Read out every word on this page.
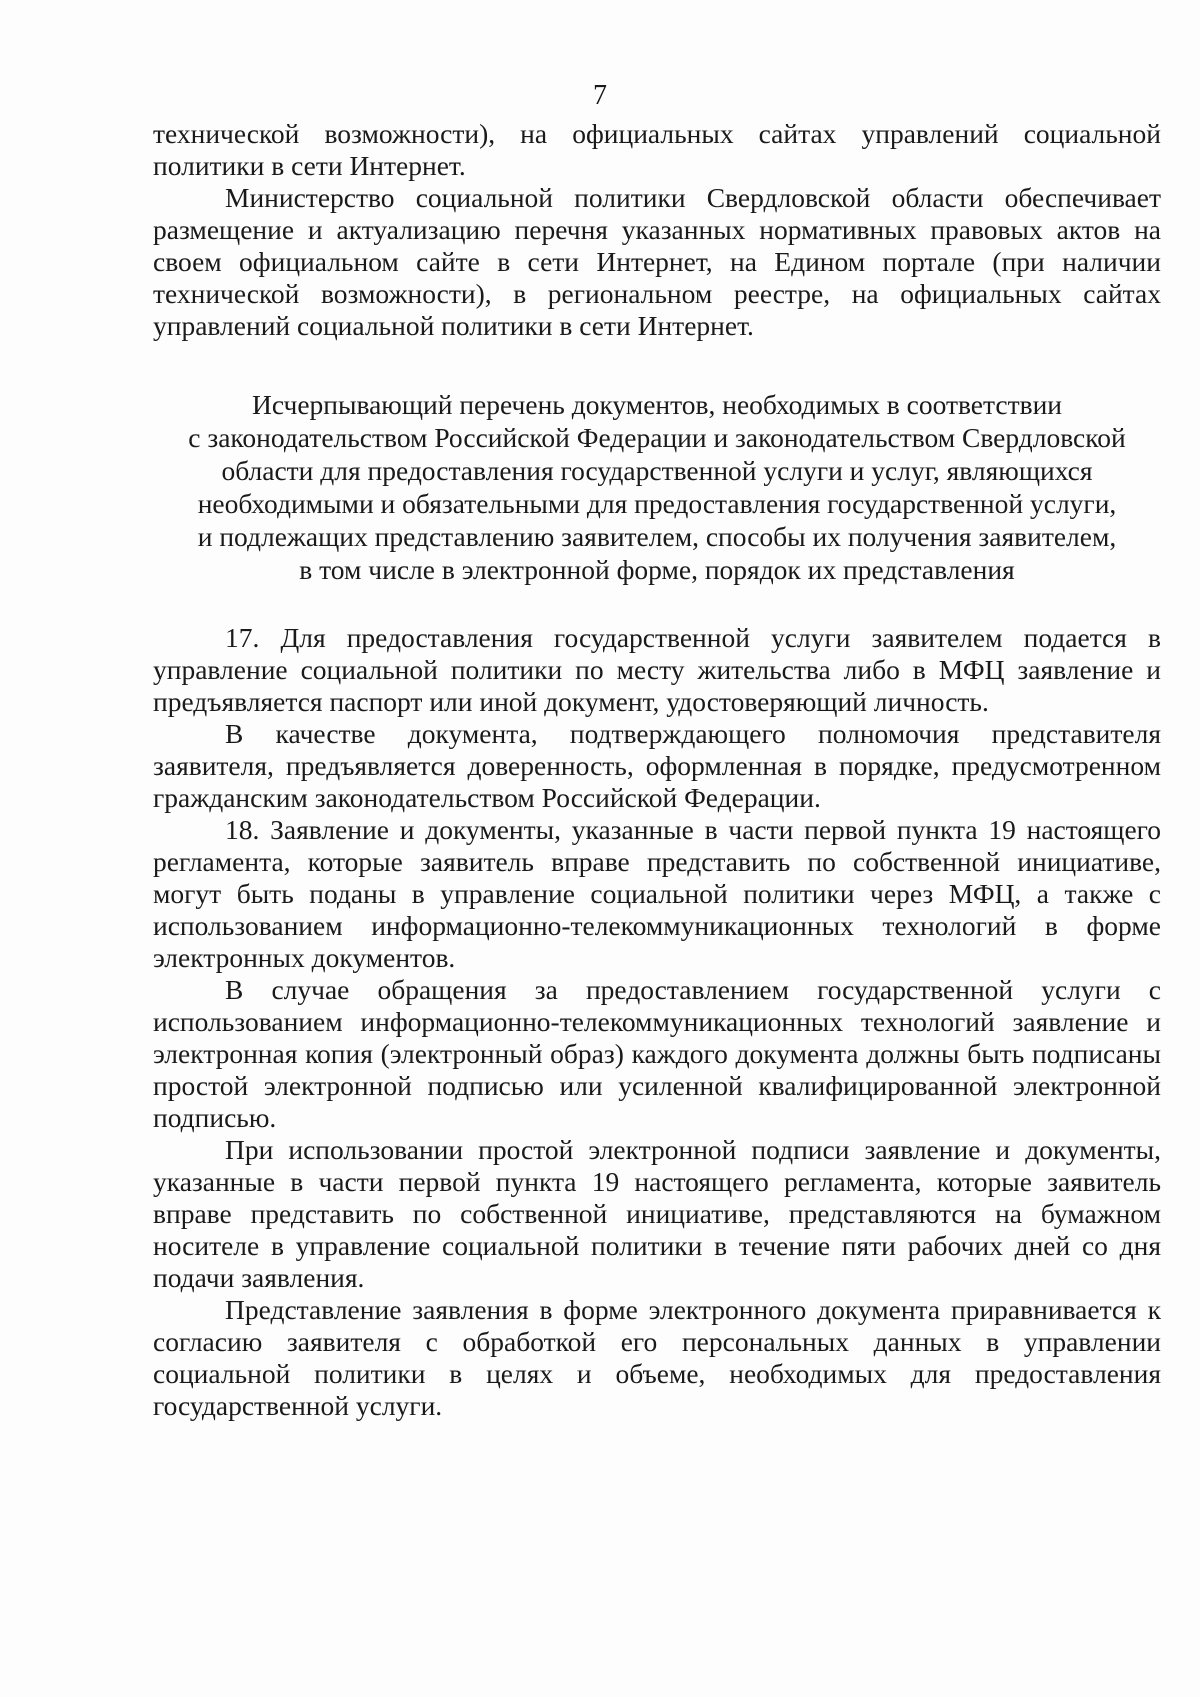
7

технической возможности), на официальных сайтах управлений социальной политики в сети Интернет.

Министерство социальной политики Свердловской области обеспечивает размещение и актуализацию перечня указанных нормативных правовых актов на своем официальном сайте в сети Интернет, на Едином портале (при наличии технической возможности), в региональном реестре, на официальных сайтах управлений социальной политики в сети Интернет.

Исчерпывающий перечень документов, необходимых в соответствии
с законодательством Российской Федерации и законодательством Свердловской
области для предоставления государственной услуги и услуг, являющихся
необходимыми и обязательными для предоставления государственной услуги,
и подлежащих представлению заявителем, способы их получения заявителем,
в том числе в электронной форме, порядок их представления

17. Для предоставления государственной услуги заявителем подается в управление социальной политики по месту жительства либо в МФЦ заявление и предъявляется паспорт или иной документ, удостоверяющий личность.

В качестве документа, подтверждающего полномочия представителя заявителя, предъявляется доверенность, оформленная в порядке, предусмотренном гражданским законодательством Российской Федерации.

18. Заявление и документы, указанные в части первой пункта 19 настоящего регламента, которые заявитель вправе представить по собственной инициативе, могут быть поданы в управление социальной политики через МФЦ, а также с использованием информационно-телекоммуникационных технологий в форме электронных документов.

В случае обращения за предоставлением государственной услуги с использованием информационно-телекоммуникационных технологий заявление и электронная копия (электронный образ) каждого документа должны быть подписаны простой электронной подписью или усиленной квалифицированной электронной подписью.

При использовании простой электронной подписи заявление и документы, указанные в части первой пункта 19 настоящего регламента, которые заявитель вправе представить по собственной инициативе, представляются на бумажном носителе в управление социальной политики в течение пяти рабочих дней со дня подачи заявления.

Представление заявления в форме электронного документа приравнивается к согласию заявителя с обработкой его персональных данных в управлении социальной политики в целях и объеме, необходимых для предоставления государственной услуги.
